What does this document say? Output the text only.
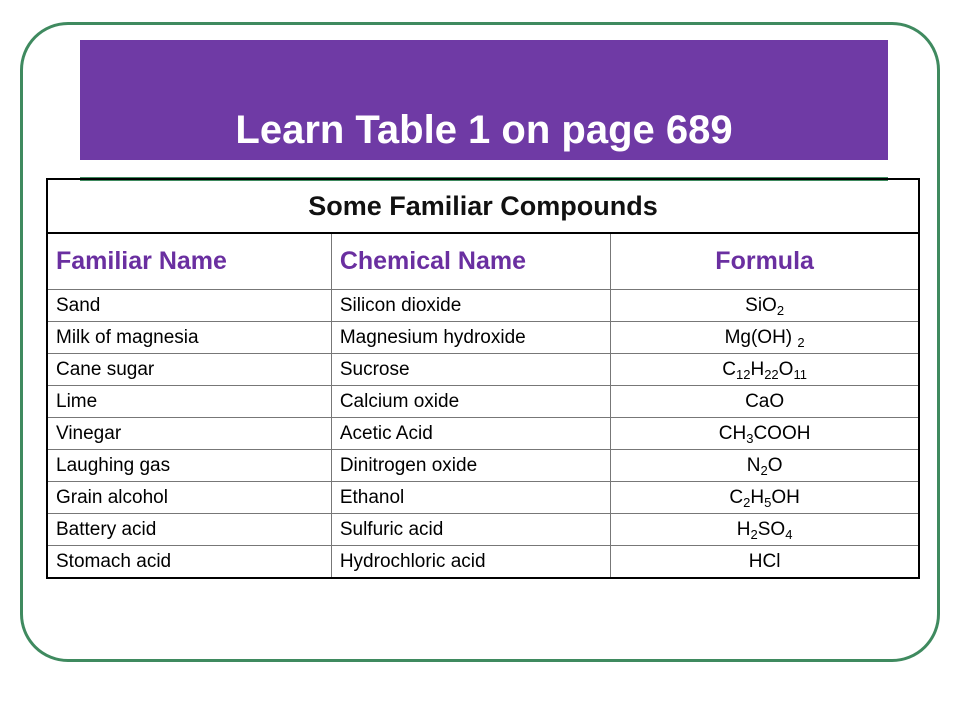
Learn Table 1 on page 689
Some Familiar Compounds		
Familiar Name	Chemical Name	Formula
Sand	Silicon dioxide	SiO$_2$
Milk of magnesia	Magnesium hydroxide	Mg(OH) $_2$
Cane sugar	Sucrose	$C_{12}H_{22}O_{11}$
Lime	Calcium oxide	CaO
Vinegar	Acetic Acid	$CH_3COOH$
Laughing gas	Dinitrogen oxide	$N_2O$
Grain alcohol	Ethanol	$C_2H_5OH$
Battery acid	Sulfuric acid	$H_2SO_4$
Stomach acid	Hydrochloric acid	HCl
